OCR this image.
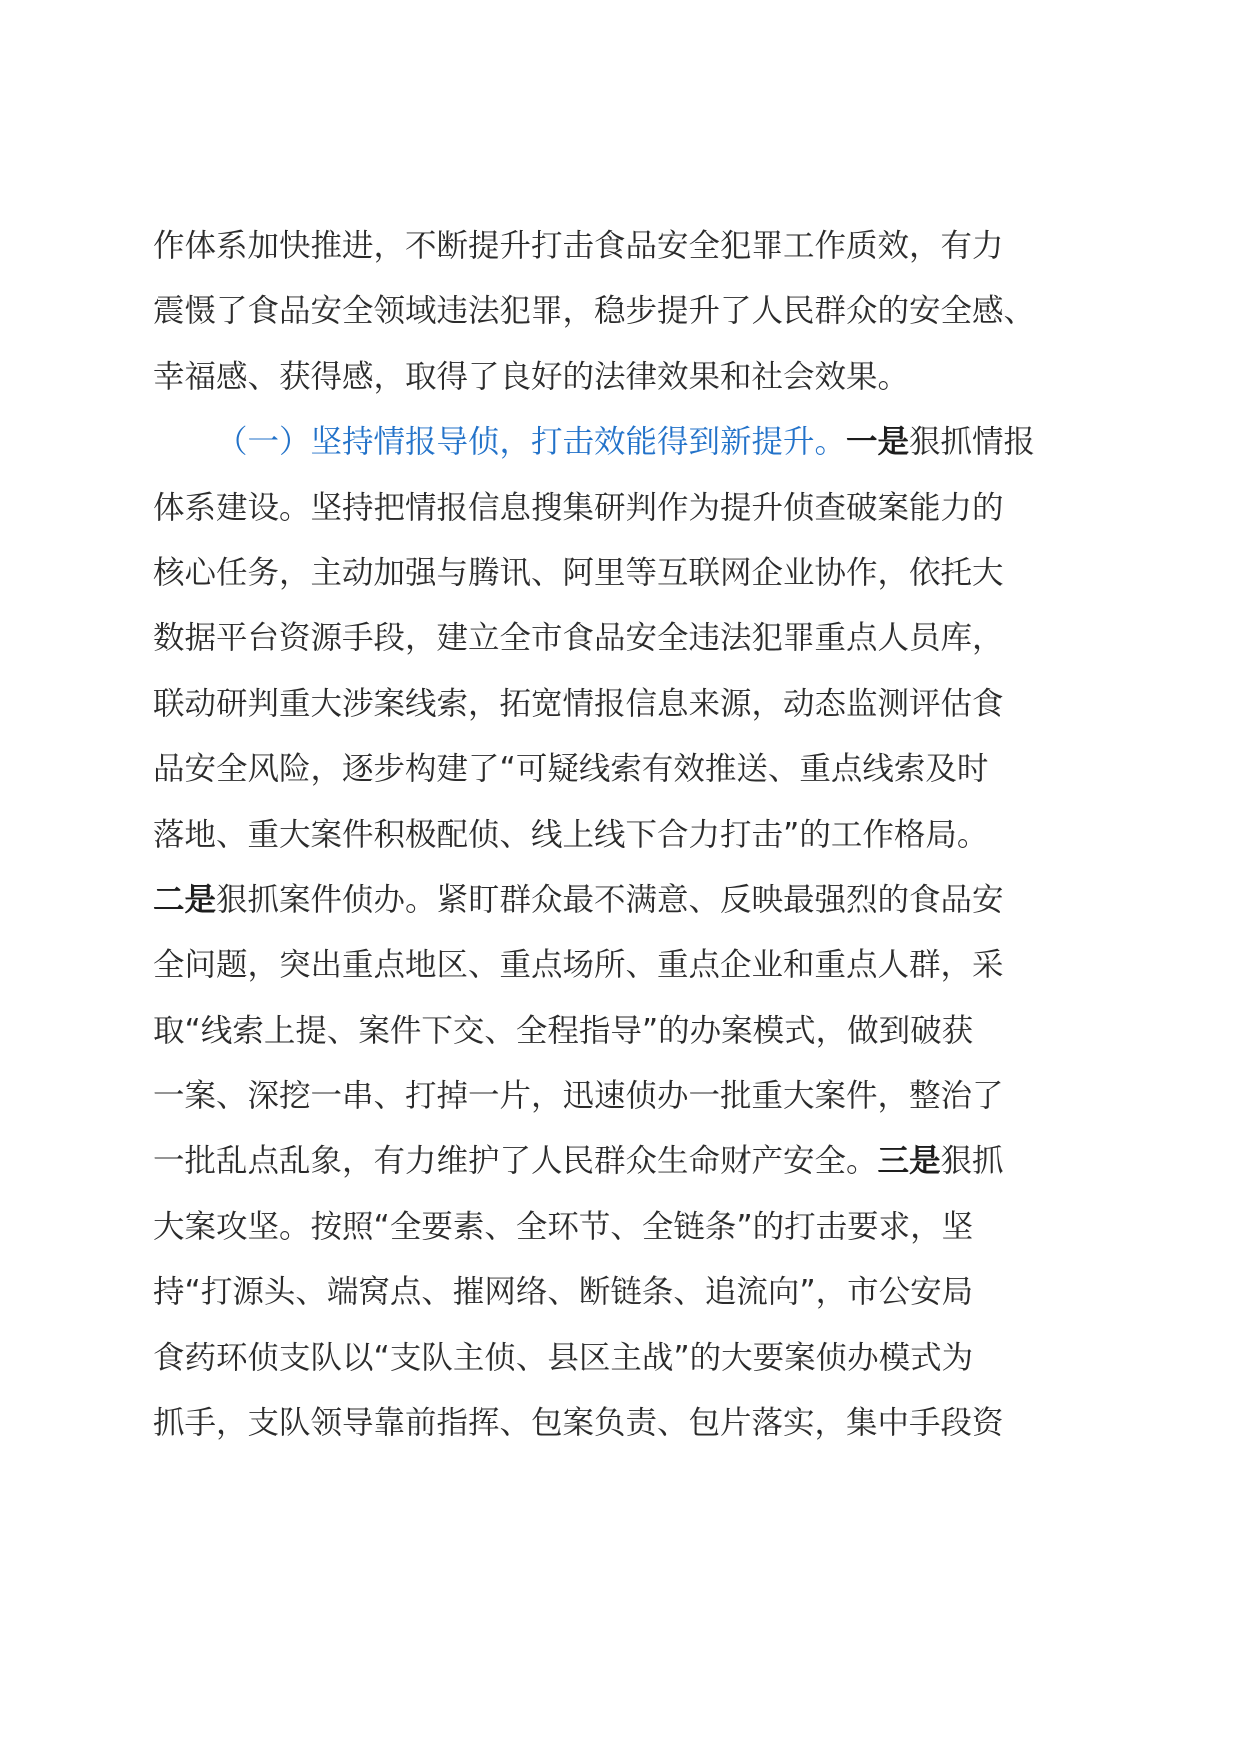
作体系加快推进，不断提升打击食品安全犯罪工作质效，有力
震慑了食品安全领域违法犯罪，稳步提升了人民群众的安全感、
幸福感、获得感，取得了良好的法律效果和社会效果。
（一）坚持情报导侦，打击效能得到新提升。一是狠抓情报
体系建设。坚持把情报信息搜集研判作为提升侦查破案能力的
核心任务，主动加强与腾讯、阿里等互联网企业协作，依托大
数据平台资源手段，建立全市食品安全违法犯罪重点人员库，
联动研判重大涉案线索，拓宽情报信息来源，动态监测评估食
品安全风险，逐步构建了“可疑线索有效推送、重点线索及时
落地、重大案件积极配侦、线上线下合力打击”的工作格局。
二是狠抓案件侦办。紧盯群众最不满意、反映最强烈的食品安
全问题，突出重点地区、重点场所、重点企业和重点人群，采
取“线索上提、案件下交、全程指导”的办案模式，做到破获
一案、深挖一串、打掉一片，迅速侦办一批重大案件，整治了
一批乱点乱象，有力维护了人民群众生命财产安全。三是狠抓
大案攻坚。按照“全要素、全环节、全链条”的打击要求，坚
持“打源头、端窝点、摧网络、断链条、追流向”，市公安局
食药环侦支队以“支队主侦、县区主战”的大要案侦办模式为
抓手，支队领导靠前指挥、包案负责、包片落实，集中手段资
